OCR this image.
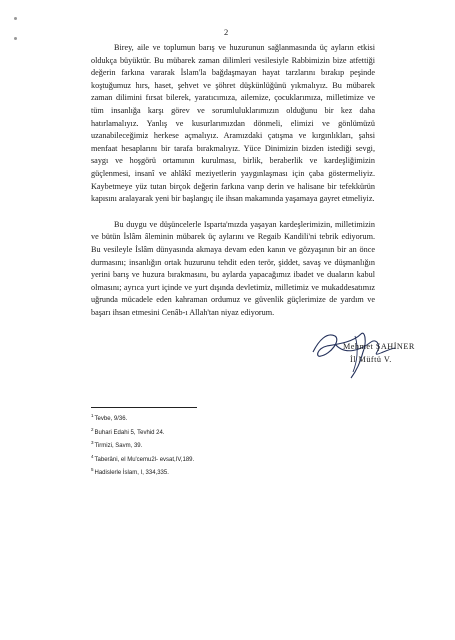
2

Birey, aile ve toplumun barış ve huzurunun sağlanmasında üç ayların etkisi oldukça büyüktür. Bu mübarek zaman dilimleri vesilesiyle Rabbimizin bize atfettiği değerin farkına vararak İslam'la bağdaşmayan hayat tarzlarını bırakıp peşinde koştuğumuz hırs, haset, şehvet ve şöhret düşkünlüğünü yıkmalıyız. Bu mübarek zaman dilimini fırsat bilerek, yaratıcımıza, ailemize, çocuklarımıza, milletimize ve tüm insanlığa karşı görev ve sorumluluklarımızın olduğunu bir kez daha hatırlamalıyız. Yanlış ve kusurlarımızdan dönmeli, elimizi ve gönlümüzü uzanabileceğimiz herkese açmalıyız. Aramızdaki çatışma ve kırgınlıkları, şahsi menfaat hesaplarını bir tarafa bırakmalıyız. Yüce Dinimizin bizden istediği sevgi, saygı ve hoşgörü ortamının kurulması, birlik, beraberlik ve kardeşliğimizin güçlenmesi, insanî ve ahlâkî meziyetlerin yaygınlaşması için çaba göstermeliyiz. Kaybetmeye yüz tutan birçok değerin farkına varıp derin ve halisane bir tefekkürün kapısını aralayarak yeni bir başlangıç ile ihsan makamında yaşamaya gayret etmeliyiz.

Bu duygu ve düşüncelerle Isparta'mızda yaşayan kardeşlerimizin, milletimizin ve bütün İslâm âleminin mübarek üç aylarını ve Regaib Kandili'ni tebrik ediyorum. Bu vesileyle İslâm dünyasında akmaya devam eden kanın ve gözyaşının bir an önce durmasını; insanlığın ortak huzurunu tehdit eden terör, şiddet, savaş ve düşmanlığın yerini barış ve huzura bırakmasını, bu aylarda yapacağımız ibadet ve duaların kabul olmasını; ayrıca yurt içinde ve yurt dışında devletimiz, milletimiz ve mukaddesatımız uğrunda mücadele eden kahraman ordumuz ve güvenlik güçlerimize de yardım ve başarı ihsan etmesini Cenâb-ı Allah'tan niyaz ediyorum.

Mehmet ŞAHİNER
İl Müftü V.
$^1$Tevbe, 9/36.
$^2$Buhari Edahi 5, Tevhid 24.
$^3$Tirmizi, Savm, 39.
$^4$Taberâni, el Mu'cemu2l- evsat,IV,189.
$^5$Hadislerle İslam, I, 334,335.
